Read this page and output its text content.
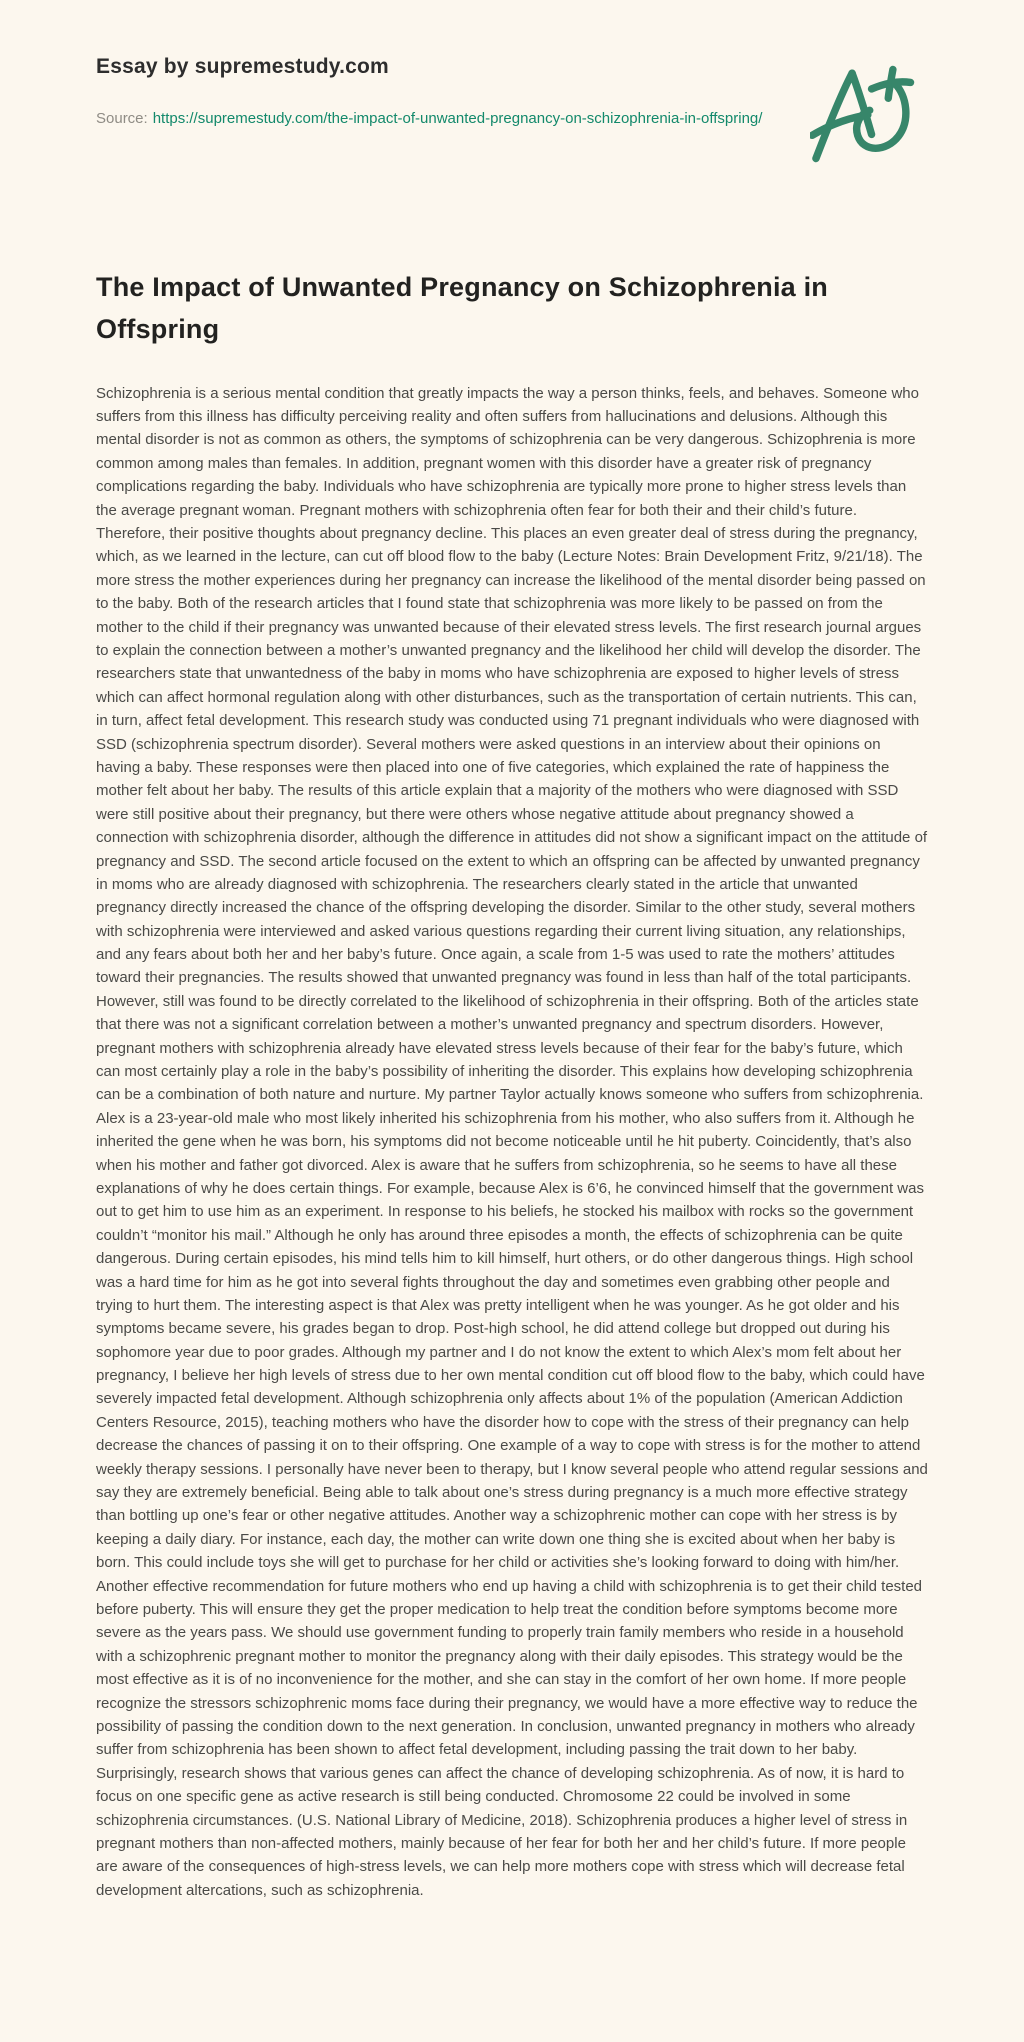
Essay by supremestudy.com

Source: https://supremestudy.com/the-impact-of-unwanted-pregnancy-on-schizophrenia-in-offspring/

The Impact of Unwanted Pregnancy on Schizophrenia in Offspring

Schizophrenia is a serious mental condition that greatly impacts the way a person thinks, feels, and behaves. Someone who suffers from this illness has difficulty perceiving reality and often suffers from hallucinations and delusions. Although this mental disorder is not as common as others, the symptoms of schizophrenia can be very dangerous. Schizophrenia is more common among males than females. In addition, pregnant women with this disorder have a greater risk of pregnancy complications regarding the baby. Individuals who have schizophrenia are typically more prone to higher stress levels than the average pregnant woman. Pregnant mothers with schizophrenia often fear for both their and their child’s future. Therefore, their positive thoughts about pregnancy decline. This places an even greater deal of stress during the pregnancy, which, as we learned in the lecture, can cut off blood flow to the baby (Lecture Notes: Brain Development Fritz, 9/21/18). The more stress the mother experiences during her pregnancy can increase the likelihood of the mental disorder being passed on to the baby. Both of the research articles that I found state that schizophrenia was more likely to be passed on from the mother to the child if their pregnancy was unwanted because of their elevated stress levels. The first research journal argues to explain the connection between a mother’s unwanted pregnancy and the likelihood her child will develop the disorder. The researchers state that unwantedness of the baby in moms who have schizophrenia are exposed to higher levels of stress which can affect hormonal regulation along with other disturbances, such as the transportation of certain nutrients. This can, in turn, affect fetal development. This research study was conducted using 71 pregnant individuals who were diagnosed with SSD (schizophrenia spectrum disorder). Several mothers were asked questions in an interview about their opinions on having a baby. These responses were then placed into one of five categories, which explained the rate of happiness the mother felt about her baby. The results of this article explain that a majority of the mothers who were diagnosed with SSD were still positive about their pregnancy, but there were others whose negative attitude about pregnancy showed a connection with schizophrenia disorder, although the difference in attitudes did not show a significant impact on the attitude of pregnancy and SSD. The second article focused on the extent to which an offspring can be affected by unwanted pregnancy in moms who are already diagnosed with schizophrenia. The researchers clearly stated in the article that unwanted pregnancy directly increased the chance of the offspring developing the disorder. Similar to the other study, several mothers with schizophrenia were interviewed and asked various questions regarding their current living situation, any relationships, and any fears about both her and her baby’s future. Once again, a scale from 1-5 was used to rate the mothers’ attitudes toward their pregnancies. The results showed that unwanted pregnancy was found in less than half of the total participants. However, still was found to be directly correlated to the likelihood of schizophrenia in their offspring. Both of the articles state that there was not a significant correlation between a mother’s unwanted pregnancy and spectrum disorders. However, pregnant mothers with schizophrenia already have elevated stress levels because of their fear for the baby’s future, which can most certainly play a role in the baby’s possibility of inheriting the disorder. This explains how developing schizophrenia can be a combination of both nature and nurture. My partner Taylor actually knows someone who suffers from schizophrenia. Alex is a 23-year-old male who most likely inherited his schizophrenia from his mother, who also suffers from it. Although he inherited the gene when he was born, his symptoms did not become noticeable until he hit puberty. Coincidently, that’s also when his mother and father got divorced. Alex is aware that he suffers from schizophrenia, so he seems to have all these explanations of why he does certain things. For example, because Alex is 6’6, he convinced himself that the government was out to get him to use him as an experiment. In response to his beliefs, he stocked his mailbox with rocks so the government couldn’t “monitor his mail.” Although he only has around three episodes a month, the effects of schizophrenia can be quite dangerous. During certain episodes, his mind tells him to kill himself, hurt others, or do other dangerous things. High school was a hard time for him as he got into several fights throughout the day and sometimes even grabbing other people and trying to hurt them. The interesting aspect is that Alex was pretty intelligent when he was younger. As he got older and his symptoms became severe, his grades began to drop. Post-high school, he did attend college but dropped out during his sophomore year due to poor grades. Although my partner and I do not know the extent to which Alex’s mom felt about her pregnancy, I believe her high levels of stress due to her own mental condition cut off blood flow to the baby, which could have severely impacted fetal development. Although schizophrenia only affects about 1% of the population (American Addiction Centers Resource, 2015), teaching mothers who have the disorder how to cope with the stress of their pregnancy can help decrease the chances of passing it on to their offspring. One example of a way to cope with stress is for the mother to attend weekly therapy sessions. I personally have never been to therapy, but I know several people who attend regular sessions and say they are extremely beneficial. Being able to talk about one’s stress during pregnancy is a much more effective strategy than bottling up one’s fear or other negative attitudes. Another way a schizophrenic mother can cope with her stress is by keeping a daily diary. For instance, each day, the mother can write down one thing she is excited about when her baby is born. This could include toys she will get to purchase for her child or activities she’s looking forward to doing with him/her. Another effective recommendation for future mothers who end up having a child with schizophrenia is to get their child tested before puberty. This will ensure they get the proper medication to help treat the condition before symptoms become more severe as the years pass. We should use government funding to properly train family members who reside in a household with a schizophrenic pregnant mother to monitor the pregnancy along with their daily episodes. This strategy would be the most effective as it is of no inconvenience for the mother, and she can stay in the comfort of her own home. If more people recognize the stressors schizophrenic moms face during their pregnancy, we would have a more effective way to reduce the possibility of passing the condition down to the next generation. In conclusion, unwanted pregnancy in mothers who already suffer from schizophrenia has been shown to affect fetal development, including passing the trait down to her baby. Surprisingly, research shows that various genes can affect the chance of developing schizophrenia. As of now, it is hard to focus on one specific gene as active research is still being conducted. Chromosome 22 could be involved in some schizophrenia circumstances. (U.S. National Library of Medicine, 2018). Schizophrenia produces a higher level of stress in pregnant mothers than non-affected mothers, mainly because of her fear for both her and her child’s future. If more people are aware of the consequences of high-stress levels, we can help more mothers cope with stress which will decrease fetal development altercations, such as schizophrenia.
